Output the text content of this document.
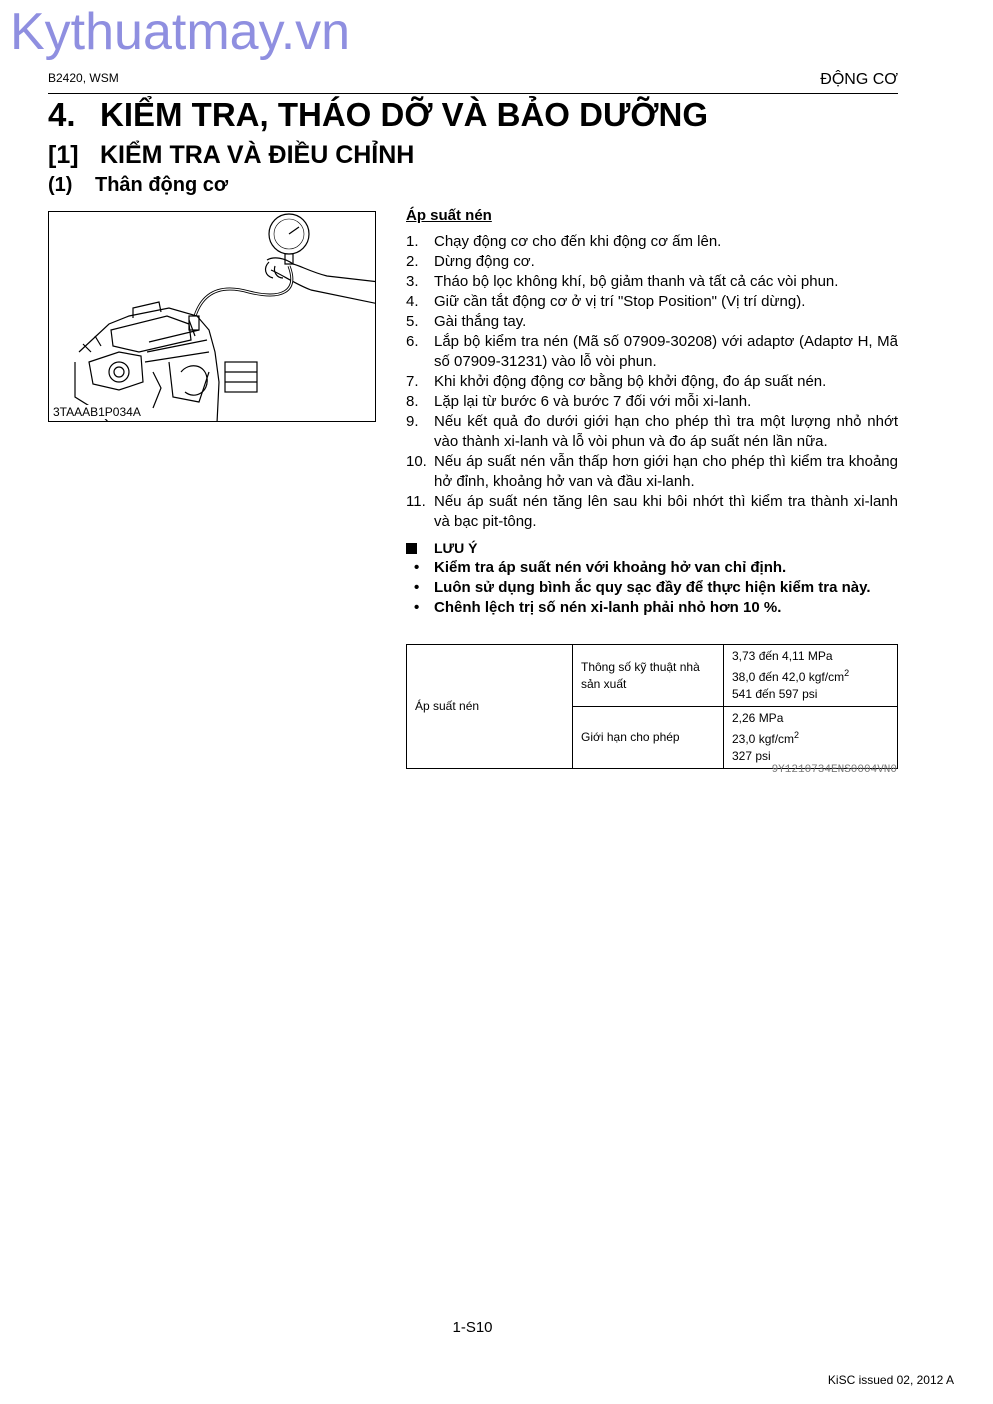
Kythuatmay.vn
B2420, WSM	ĐỘNG CƠ
4. KIỂM TRA, THÁO DỠ VÀ BẢO DƯỠNG
[1] KIỂM TRA VÀ ĐIỀU CHỈNH
(1) Thân động cơ
3TAAAB1P034A
Áp suất nén
1.	Chạy động cơ cho đến khi động cơ ấm lên.
2.	Dừng động cơ.
3.	Tháo bộ lọc không khí, bộ giảm thanh và tất cả các vòi phun.
4.	Giữ cần tắt động cơ ở vị trí "Stop Position" (Vị trí dừng).
5.	Gài thắng tay.
6.	Lắp bộ kiểm tra nén (Mã số 07909-30208) với adaptơ (Adaptơ H, Mã số 07909-31231) vào lỗ vòi phun.
7.	Khi khởi động động cơ bằng bộ khởi động, đo áp suất nén.
8.	Lặp lại từ bước 6 và bước 7 đối với mỗi xi-lanh.
9.	Nếu kết quả đo dưới giới hạn cho phép thì tra một lượng nhỏ nhớt vào thành xi-lanh và lỗ vòi phun và đo áp suất nén lần nữa.
10. Nếu áp suất nén vẫn thấp hơn giới hạn cho phép thì kiểm tra khoảng hở đỉnh, khoảng hở van và đầu xi-lanh.
11. Nếu áp suất nén tăng lên sau khi bôi nhớt thì kiểm tra thành xi-lanh và bạc pit-tông.
LƯU Ý
• Kiểm tra áp suất nén với khoảng hở van chỉ định.
• Luôn sử dụng bình ắc quy sạc đầy để thực hiện kiểm tra này.
• Chênh lệch trị số nén xi-lanh phải nhỏ hơn 10 %.
Áp suất nén	Thông số kỹ thuật nhà sản xuất	3,73 đến 4,11 MPa
38,0 đến 42,0 kgf/$cm^2$
541 đến 597 psi

	Giới hạn cho phép	2,26 MPa
23,0 kgf/$cm^2$
327 psi
9Y1210734ENS0004VN0
1-S10
KiSC issued 02, 2012 A
